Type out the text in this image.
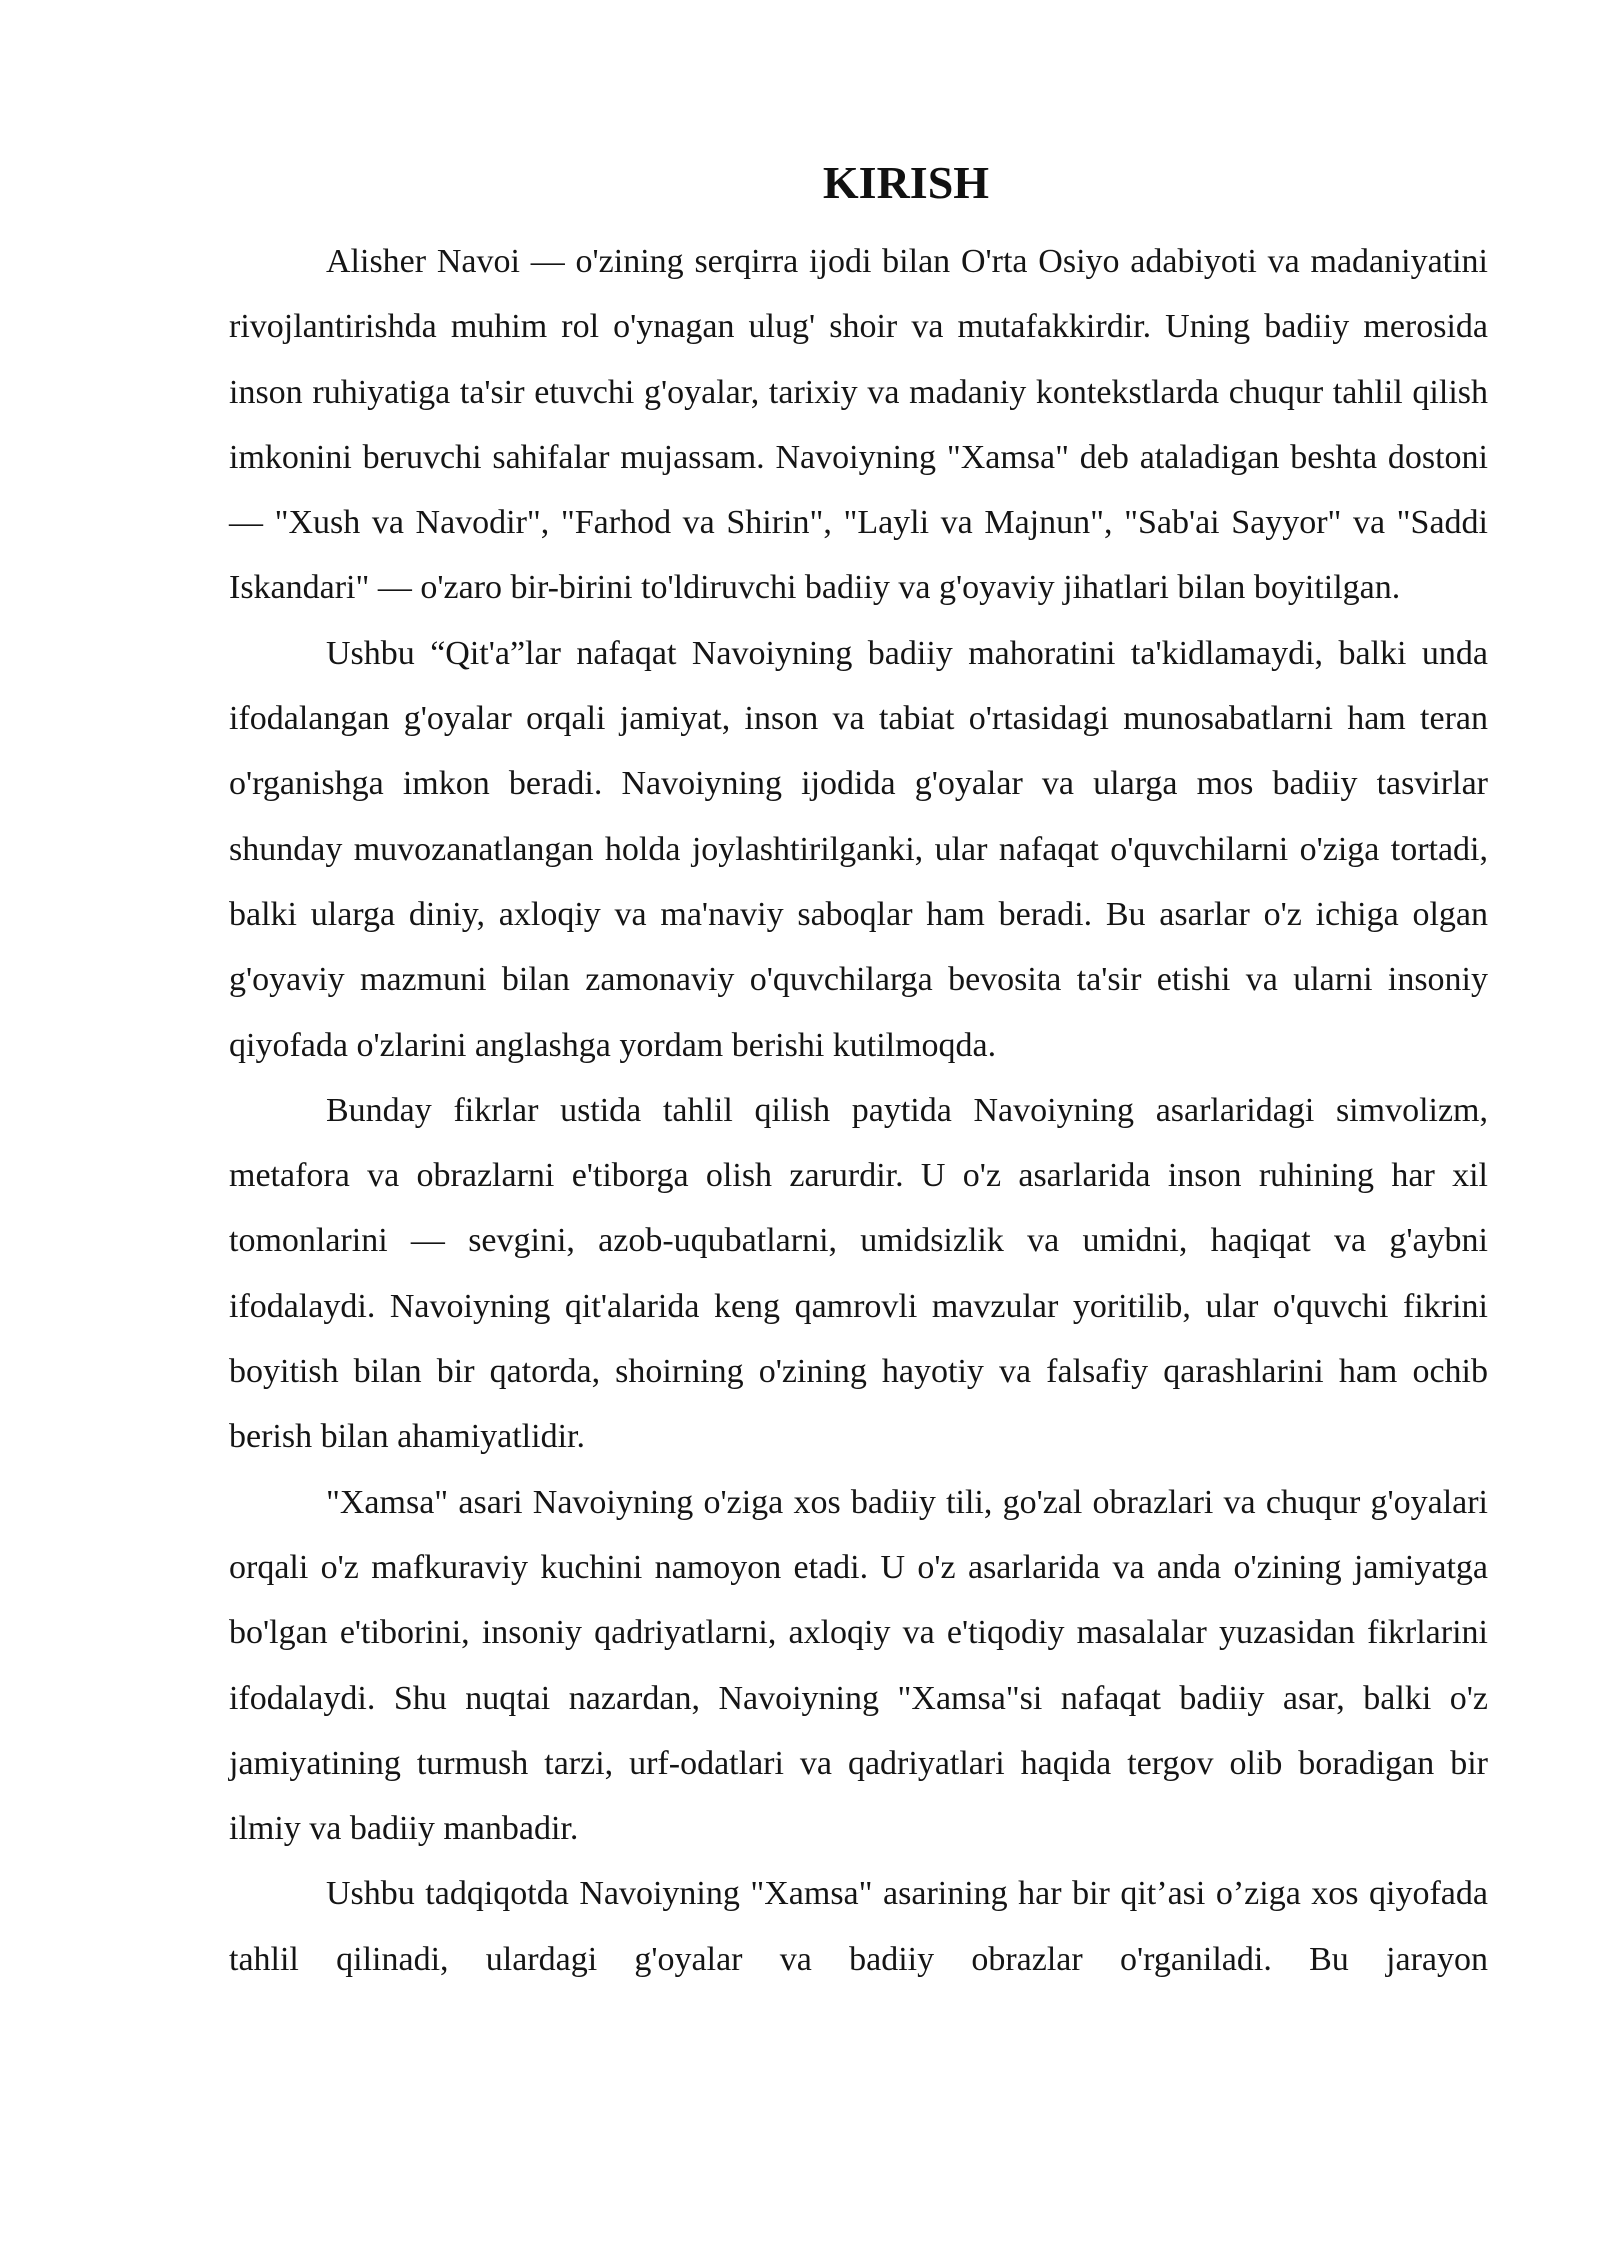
KIRISH

Alisher Navoi — o'zining serqirra ijodi bilan O'rta Osiyo adabiyoti va madaniyatini rivojlantirishda muhim rol o'ynagan ulug' shoir va mutafakkirdir. Uning badiiy merosida inson ruhiyatiga ta'sir etuvchi g'oyalar, tarixiy va madaniy kontekstlarda chuqur tahlil qilish imkonini beruvchi sahifalar mujassam. Navoiyning "Xamsa" deb ataladigan beshta dostoni — "Xush va Navodir", "Farhod va Shirin", "Layli va Majnun", "Sab'ai Sayyor" va "Saddi Iskandari" — o'zaro bir-birini to'ldiruvchi badiiy va g'oyaviy jihatlari bilan boyitilgan.

Ushbu “Qit'a”lar nafaqat Navoiyning badiiy mahoratini ta'kidlamaydi, balki unda ifodalangan g'oyalar orqali jamiyat, inson va tabiat o'rtasidagi munosabatlarni ham teran o'rganishga imkon beradi. Navoiyning ijodida g'oyalar va ularga mos badiiy tasvirlar shunday muvozanatlangan holda joylashtirilganki, ular nafaqat o'quvchilarni o'ziga tortadi, balki ularga diniy, axloqiy va ma'naviy saboqlar ham beradi. Bu asarlar o'z ichiga olgan g'oyaviy mazmuni bilan zamonaviy o'quvchilarga bevosita ta'sir etishi va ularni insoniy qiyofada o'zlarini anglashga yordam berishi kutilmoqda.

Bunday fikrlar ustida tahlil qilish paytida Navoiyning asarlaridagi simvolizm, metafora va obrazlarni e'tiborga olish zarurdir. U o'z asarlarida inson ruhining har xil tomonlarini — sevgini, azob-uqubatlarni, umidsizlik va umidni, haqiqat va g'aybni ifodalaydi. Navoiyning qit'alarida keng qamrovli mavzular yoritilib, ular o'quvchi fikrini boyitish bilan bir qatorda, shoirning o'zining hayotiy va falsafiy qarashlarini ham ochib berish bilan ahamiyatlidir.

"Xamsa" asari Navoiyning o'ziga xos badiiy tili, go'zal obrazlari va chuqur g'oyalari orqali o'z mafkuraviy kuchini namoyon etadi. U o'z asarlarida va anda o'zining jamiyatga bo'lgan e'tiborini, insoniy qadriyatlarni, axloqiy va e'tiqodiy masalalar yuzasidan fikrlarini ifodalaydi. Shu nuqtai nazardan, Navoiyning "Xamsa"si nafaqat badiiy asar, balki o'z jamiyatining turmush tarzi, urf-odatlari va qadriyatlari haqida tergov olib boradigan bir ilmiy va badiiy manbadir.

Ushbu tadqiqotda Navoiyning "Xamsa" asarining har bir qit’asi o’ziga xos qiyofada tahlil qilinadi, ulardagi g'oyalar va badiiy obrazlar o'rganiladi. Bu jarayon
